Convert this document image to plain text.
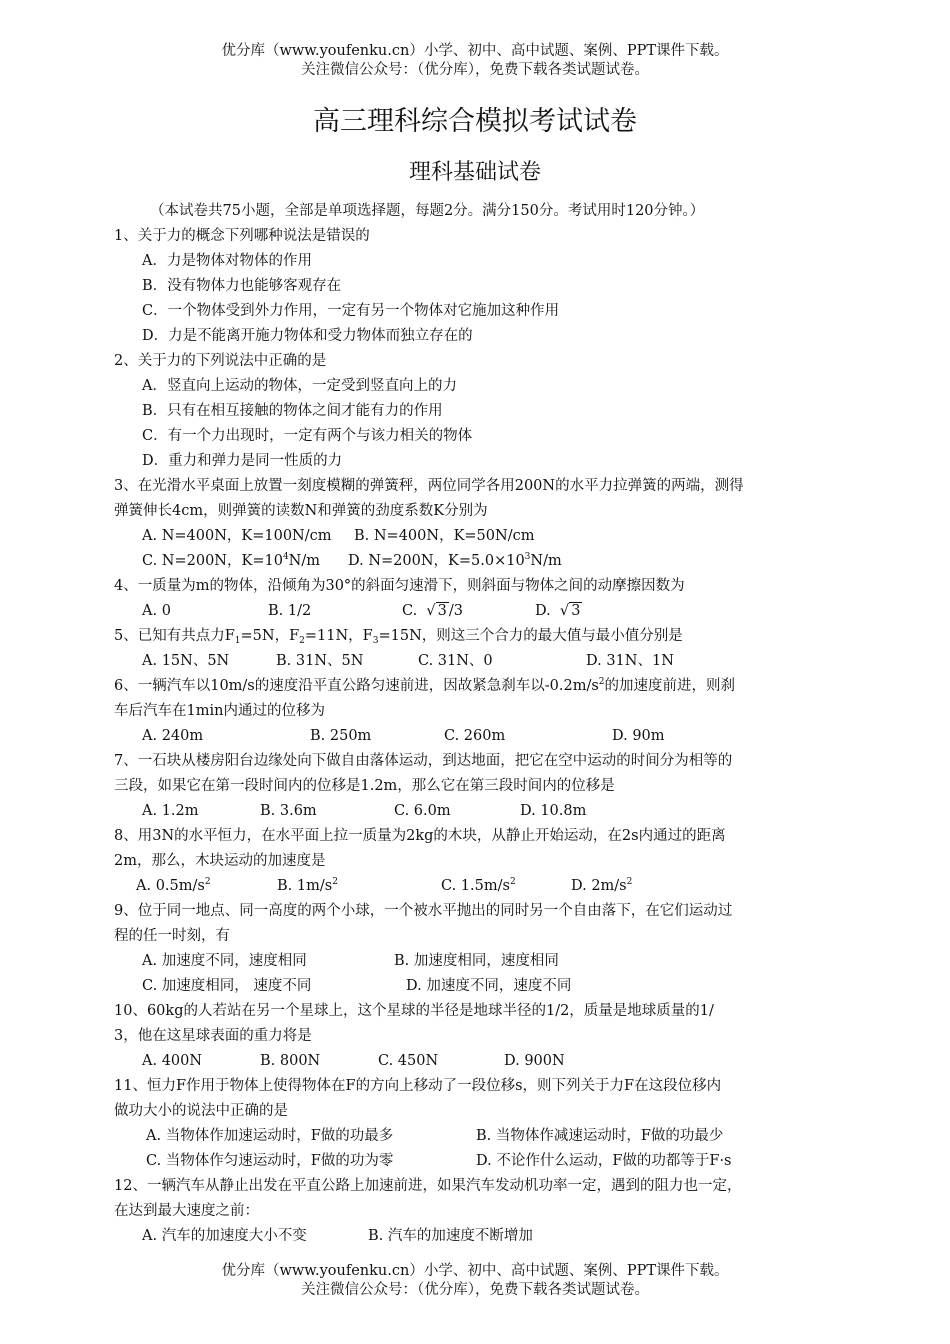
优分库（www.youfenku.cn）小学、初中、高中试题、案例、PPT课件下载。
关注微信公众号：（优分库），免费下载各类试题试卷。
高三理科综合模拟考试试卷
理科基础试卷
（本试卷共75小题，全部是单项选择题，每题2分。满分150分。考试用时120分钟。）
1、关于力的概念下列哪种说法是错误的
A．力是物体对物体的作用
B．没有物体力也能够客观存在
C．一个物体受到外力作用，一定有另一个物体对它施加这种作用
D．力是不能离开施力物体和受力物体而独立存在的
2、关于力的下列说法中正确的是
A．竖直向上运动的物体，一定受到竖直向上的力
B．只有在相互接触的物体之间才能有力的作用
C．有一个力出现时，一定有两个与该力相关的物体
D．重力和弹力是同一性质的力
3、在光滑水平桌面上放置一刻度模糊的弹簧秤，两位同学各用200N的水平力拉弹簧的两端，测得
弹簧伸长4cm，则弹簧的读数N和弹簧的劲度系数K分别为
A. N=400N，K=100N/cm	B. N=400N，K=50N/cm
C. N=200N，$K=10^4N/m$	D. N=200N，$K=5.0\times 10^3N/m$
4、一质量为m的物体，沿倾角为30°的斜面匀速滑下，则斜面与物体之间的动摩擦因数为
A. 0	B. 1/2	C.  √ 3 /3	D.  √ 3
5、已知有共点力$F_1=5N$，$F_2=11N$，$F_3=15N$，则这三个合力的最大值与最小值分别是
A. 15N、5N	B. 31N、5N	C. 31N、0	D. 31N、1N
6、一辆汽车以10m/s的速度沿平直公路匀速前进，因故紧急刹车以$-0.2m/s^2$的加速度前进，则刹
车后汽车在1min内通过的位移为
A. 240m	B. 250m	C. 260m	D. 90m
7、一石块从楼房阳台边缘处向下做自由落体运动，到达地面，把它在空中运动的时间分为相等的
三段，如果它在第一段时间内的位移是1.2m，那么它在第三段时间内的位移是
A. 1.2m	B. 3.6m	C. 6.0m	D. 10.8m
8、用3N的水平恒力，在水平面上拉一质量为2kg的木块，从静止开始运动，在2s内通过的距离
2m，那么，木块运动的加速度是
A. $0.5m/s^2$	B. $1m/s^2$	C. $1.5m/s^2$	D. $2m/s^2$
9、位于同一地点、同一高度的两个小球，一个被水平抛出的同时另一个自由落下，在它们运动过
程的任一时刻，有
A. 加速度不同，速度相同	B. 加速度相同，速度相同
C. 加速度相同， 速度不同	D. 加速度不同，速度不同
10、60kg的人若站在另一个星球上，这个星球的半径是地球半径的1/2，质量是地球质量的1/
3，他在这星球表面的重力将是
A. 400N	B. 800N	C. 450N	D. 900N
11、恒力F作用于物体上使得物体在F的方向上移动了一段位移s，则下列关于力F在这段位移内
做功大小的说法中正确的是
A. 当物体作加速运动时，F做的功最多	B. 当物体作减速运动时，F做的功最少
C. 当物体作匀速运动时，F做的功为零	D. 不论作什么运动，F做的功都等于F·s
12、一辆汽车从静止出发在平直公路上加速前进，如果汽车发动机功率一定，遇到的阻力也一定，
在达到最大速度之前：
A. 汽车的加速度大小不变	B. 汽车的加速度不断增加
优分库（www.youfenku.cn）小学、初中、高中试题、案例、PPT课件下载。
关注微信公众号：（优分库），免费下载各类试题试卷。
